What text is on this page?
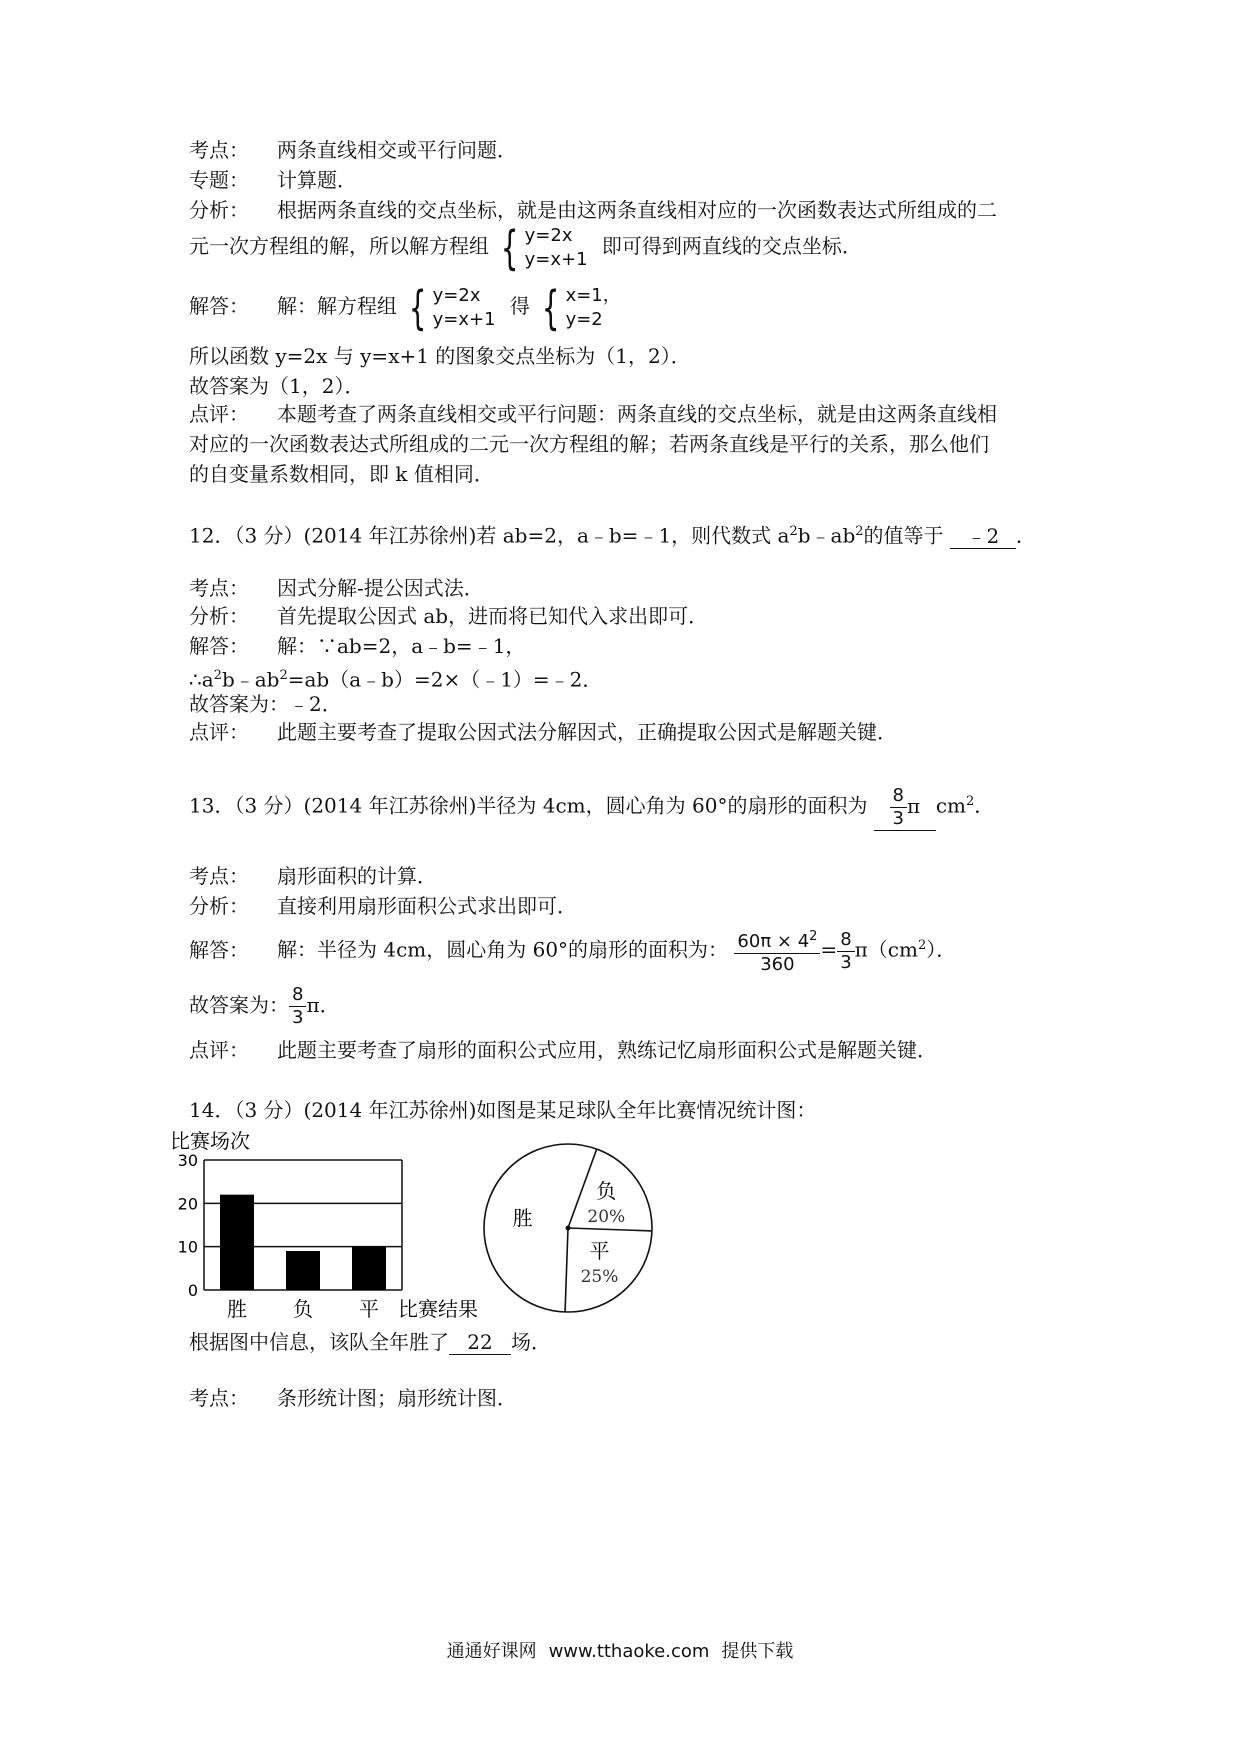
考点： 两条直线相交或平行问题．
专题： 计算题．
分析： 根据两条直线的交点坐标，就是由这两条直线相对应的一次函数表达式所组成的二
元一次方程组的解，所以解方程组 { y=2x
y=x+1
即可得到两直线的交点坐标．
解答： 解：解方程组 { y=2x
y=x+1
得 { x=1，
y=2
所以函数 y=2x 与 y=x+1 的图象交点坐标为（1，2）．
故答案为（1，2）．
点评： 本题考查了两条直线相交或平行问题：两条直线的交点坐标，就是由这两条直线相
对应的一次函数表达式所组成的二元一次方程组的解；若两条直线是平行的关系，那么他们
的自变量系数相同，即 k 值相同．
12．（3 分）(2014 年江苏徐州)若 ab=2，a﹣b=﹣1，则代数式 $a^2b﹣ab^2$的值等于 ﹣2 ．
考点： 因式分解-提公因式法．
分析： 首先提取公因式 ab，进而将已知代入求出即可．
解答： 解：∵ab=2，a﹣b=﹣1，
$\therefore a^2b﹣ab^2=ab(a﹣b)=2\times(﹣1)=﹣2$．
故答案为：﹣2．
点评： 此题主要考查了提取公因式法分解因式，正确提取公因式是解题关键．
13．（3 分）(2014 年江苏徐州)半径为 4cm，圆心角为 60°的扇形的面积为 $\frac{8}{3}$ π $cm^2$．
考点： 扇形面积的计算．
分析： 直接利用扇形面积公式求出即可．
解答： 解：半径为 4cm，圆心角为 60°的扇形的面积为： $\frac{60\pi \times 4^2}{360} = \frac{8}{3} \pi(cm^2)$．
故答案为： $\frac{8}{3}$ π．
点评： 此题主要考查了扇形的面积公式应用，熟练记忆扇形面积公式是解题关键．
14．（3 分）(2014 年江苏徐州)如图是某足球队全年比赛情况统计图：
比赛场次
0
10
20
30
胜 负 平 比赛结果
负
20%
平
25%
胜
根据图中信息，该队全年胜了 22 场．
考点： 条形统计图；扇形统计图．
通通好课网 www.tthaoke.com 提供下载
